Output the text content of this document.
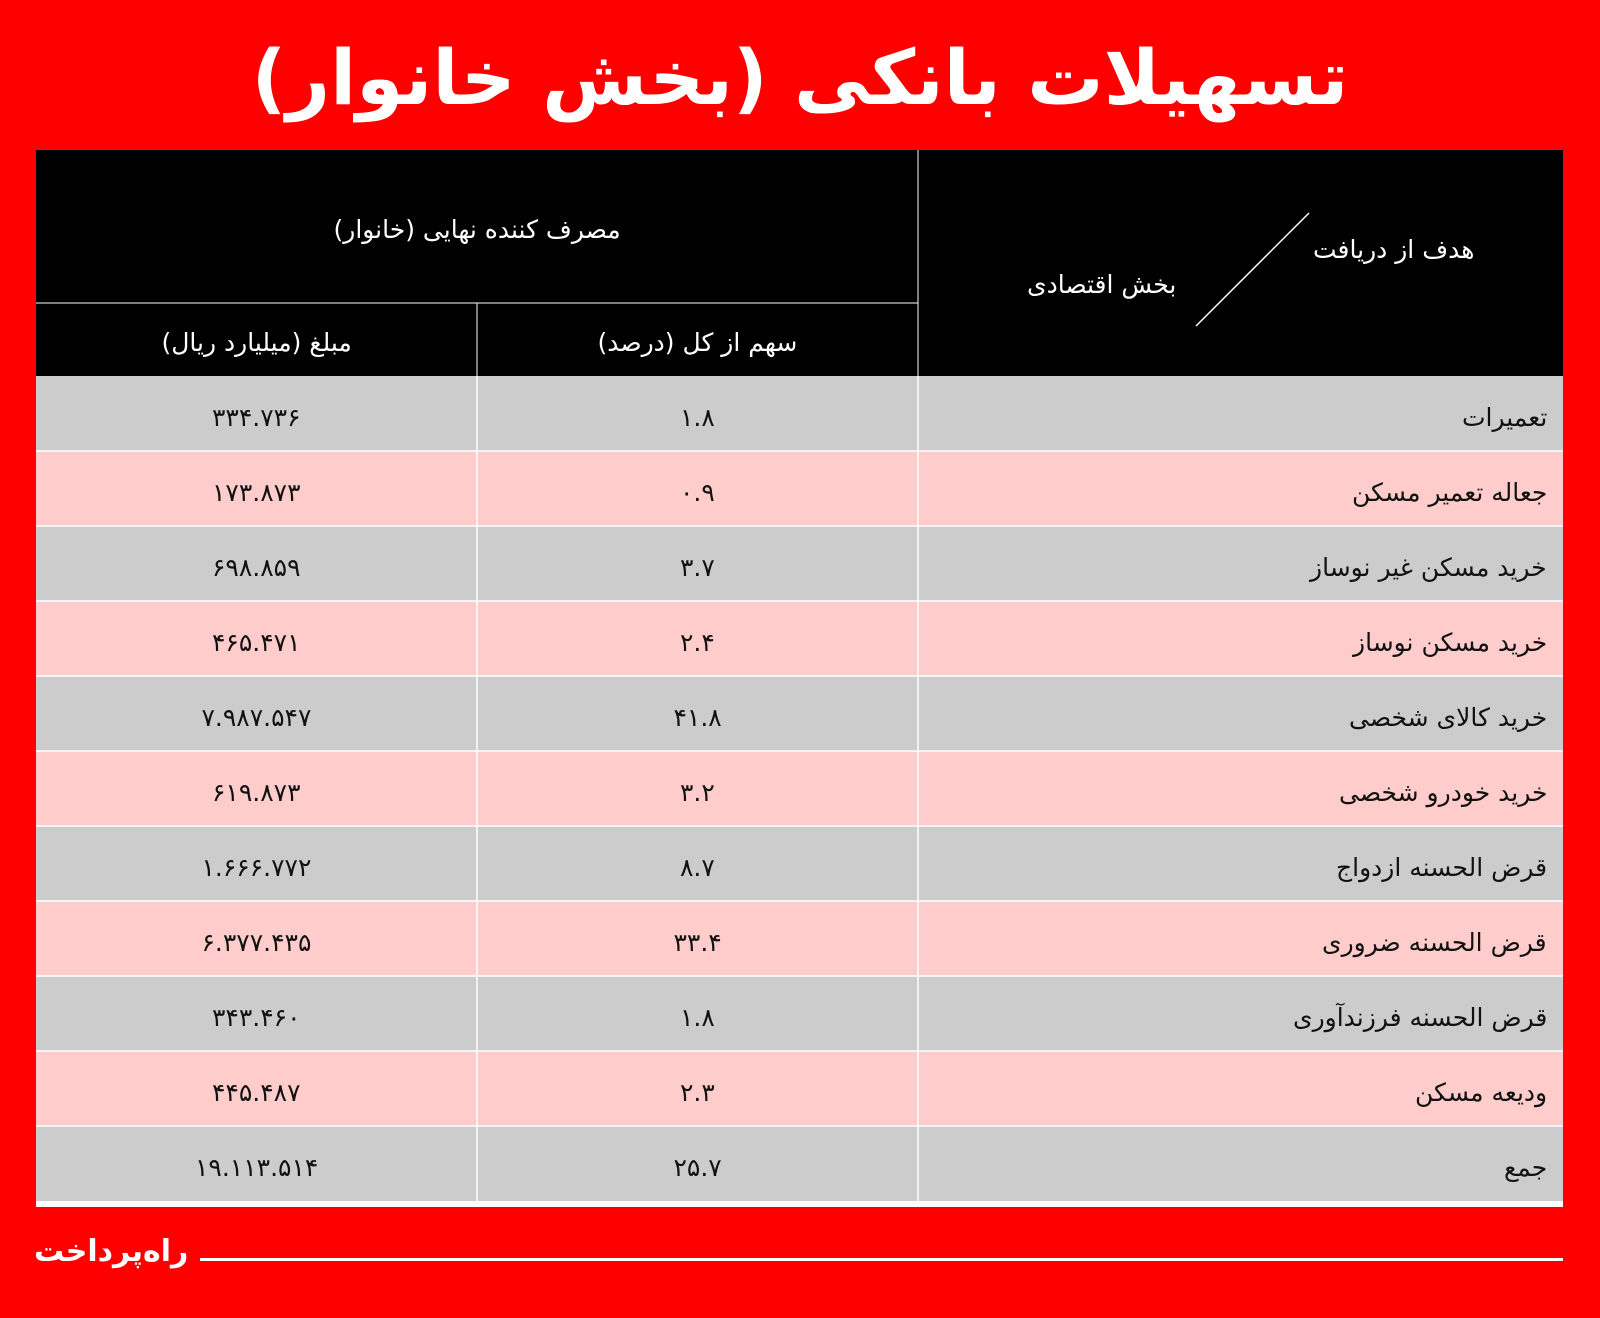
تسهیلات بانکی (بخش خانوار)
مصرف کننده نهایی (خانوار)
سهم از کل (درصد)
مبلغ (میلیارد ریال)
هدف از دریافت
بخش اقتصادی
تعمیرات
۱.۸
۳۳۴.۷۳۶
جعاله تعمیر مسکن
۰.۹
۱۷۳.۸۷۳
خرید مسکن غیر نوساز
۳.۷
۶۹۸.۸۵۹
خرید مسکن نوساز
۲.۴
۴۶۵.۴۷۱
خرید کالای شخصی
۴۱.۸
۷.۹۸۷.۵۴۷
خرید خودرو شخصی
۳.۲
۶۱۹.۸۷۳
قرض الحسنه ازدواج
۸.۷
۱.۶۶۶.۷۷۲
قرض الحسنه ضروری
۳۳.۴
۶.۳۷۷.۴۳۵
قرض الحسنه فرزندآوری
۱.۸
۳۴۳.۴۶۰
ودیعه مسکن
۲.۳
۴۴۵.۴۸۷
جمع
۲۵.۷
۱۹.۱۱۳.۵۱۴
راه‌پرداخت
